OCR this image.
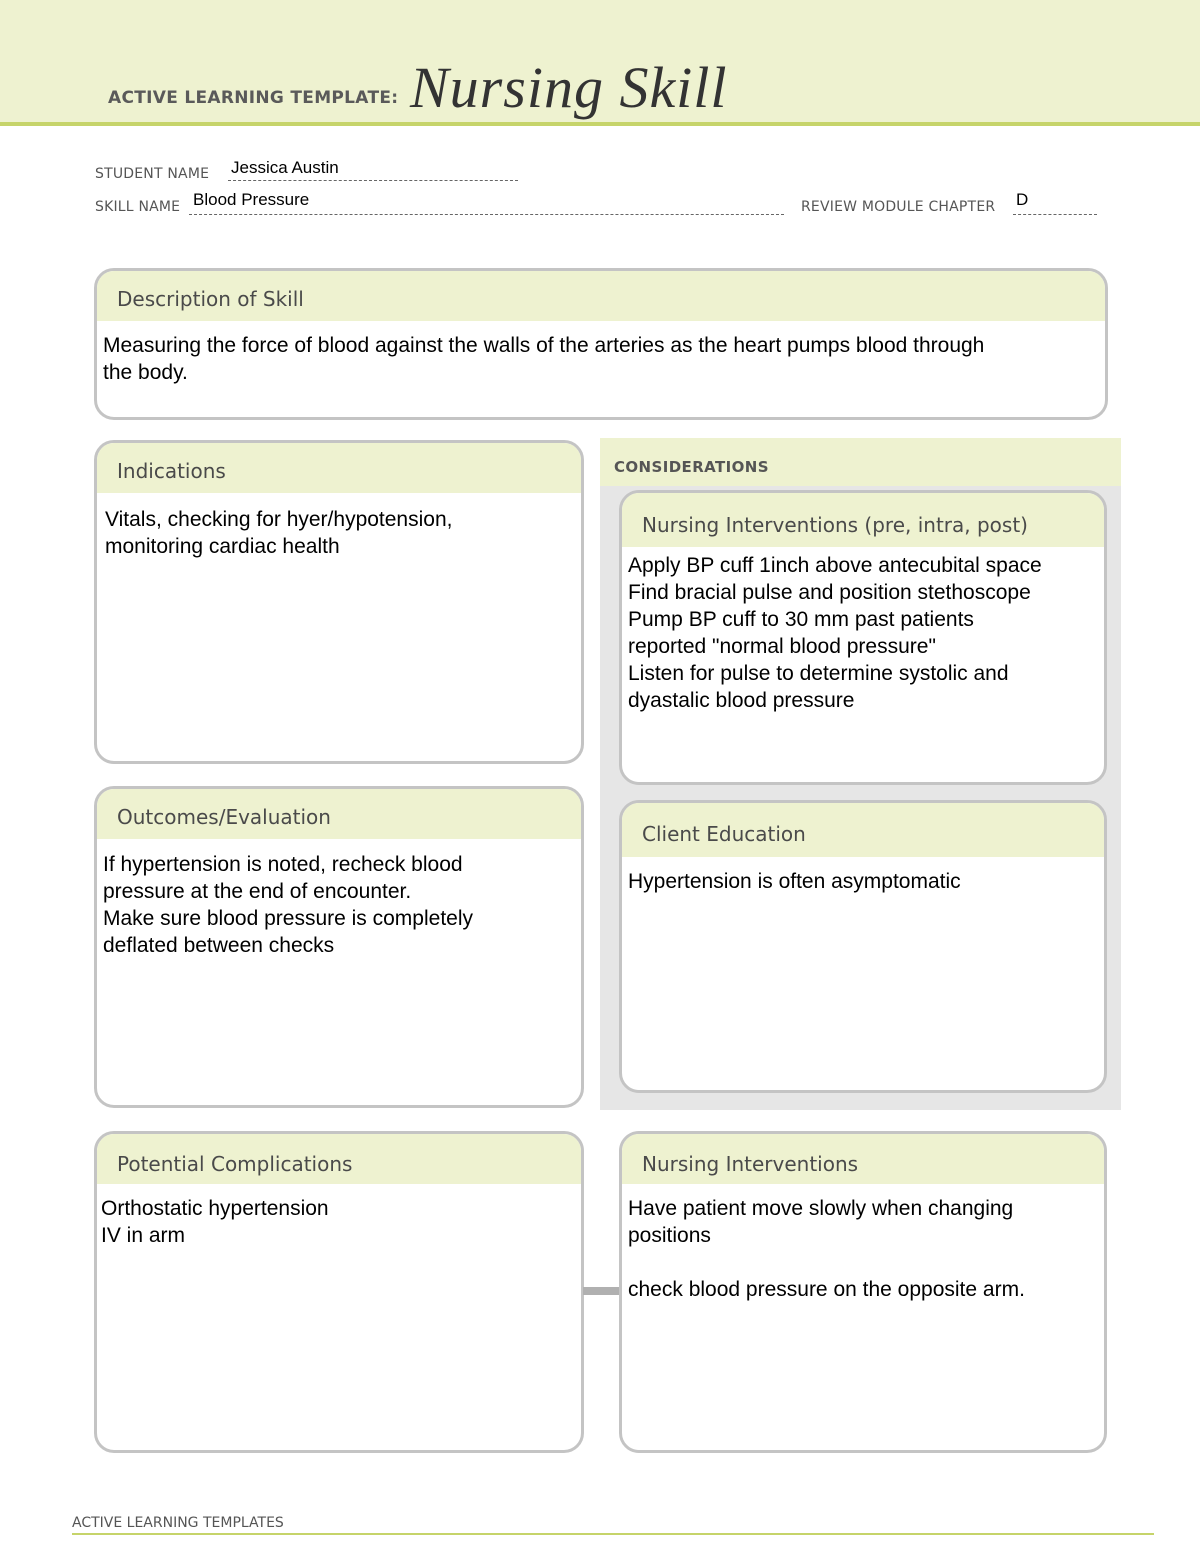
ACTIVE LEARNING TEMPLATE: Nursing Skill
STUDENT NAME Jessica Austin
SKILL NAME Blood Pressure	REVIEW MODULE CHAPTER D
Description of Skill
Measuring the force of blood against the walls of the arteries as the heart pumps blood through
the body.
Indications
Vitals, checking for hyer/hypotension,
monitoring cardiac health
Outcomes/Evaluation
If hypertension is noted, recheck blood
pressure at the end of encounter.
Make sure blood pressure is completely
deflated between checks
CONSIDERATIONS
Nursing Interventions (pre, intra, post)
Apply BP cuff 1inch above antecubital space
Find bracial pulse and position stethoscope
Pump BP cuff to 30 mm past patients
reported "normal blood pressure"
Listen for pulse to determine systolic and
dyastalic blood pressure
Client Education
Hypertension is often asymptomatic
Potential Complications
Orthostatic hypertension
IV in arm
Nursing Interventions
Have patient move slowly when changing
positions
check blood pressure on the opposite arm.
ACTIVE LEARNING TEMPLATES
